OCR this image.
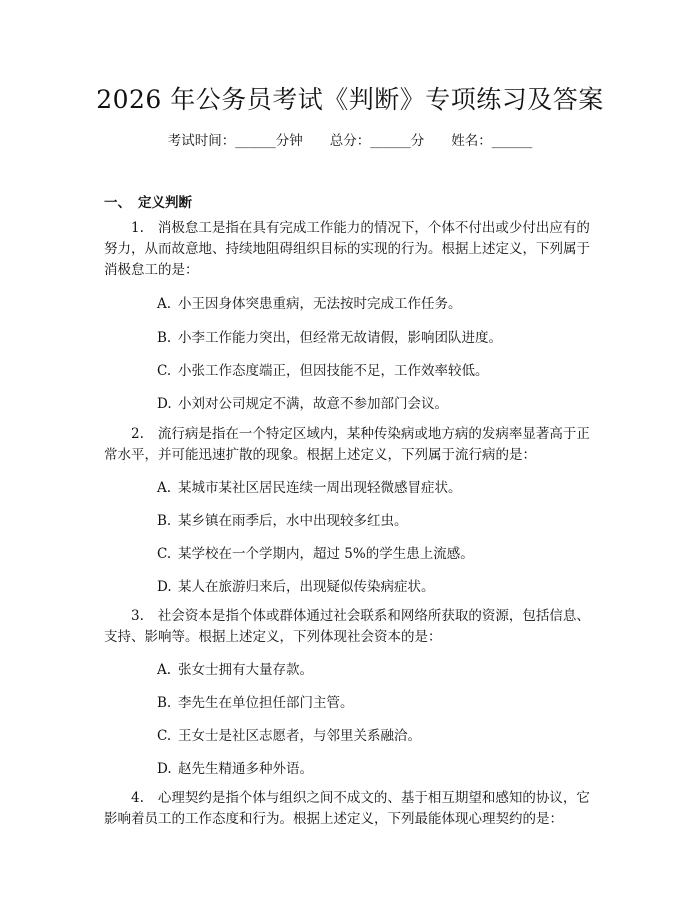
2026 年公务员考试《判断》专项练习及答案
考试时间：______分钟　　总分：______分　　姓名：______
一、 定义判断

1. 消极怠工是指在具有完成工作能力的情况下，个体不付出或少付出应有的努力，从而故意地、持续地阻碍组织目标的实现的行为。根据上述定义，下列属于消极怠工的是：

A. 小王因身体突患重病，无法按时完成工作任务。
B. 小李工作能力突出，但经常无故请假，影响团队进度。
C. 小张工作态度端正，但因技能不足，工作效率较低。
D. 小刘对公司规定不满，故意不参加部门会议。

2. 流行病是指在一个特定区域内，某种传染病或地方病的发病率显著高于正常水平，并可能迅速扩散的现象。根据上述定义，下列属于流行病的是：

A. 某城市某社区居民连续一周出现轻微感冒症状。
B. 某乡镇在雨季后，水中出现较多红虫。
C. 某学校在一个学期内，超过 5%的学生患上流感。
D. 某人在旅游归来后，出现疑似传染病症状。

3. 社会资本是指个体或群体通过社会联系和网络所获取的资源，包括信息、支持、影响等。根据上述定义，下列体现社会资本的是：

A. 张女士拥有大量存款。
B. 李先生在单位担任部门主管。
C. 王女士是社区志愿者，与邻里关系融洽。
D. 赵先生精通多种外语。

4. 心理契约是指个体与组织之间不成文的、基于相互期望和感知的协议，它影响着员工的工作态度和行为。根据上述定义，下列最能体现心理契约的是：
